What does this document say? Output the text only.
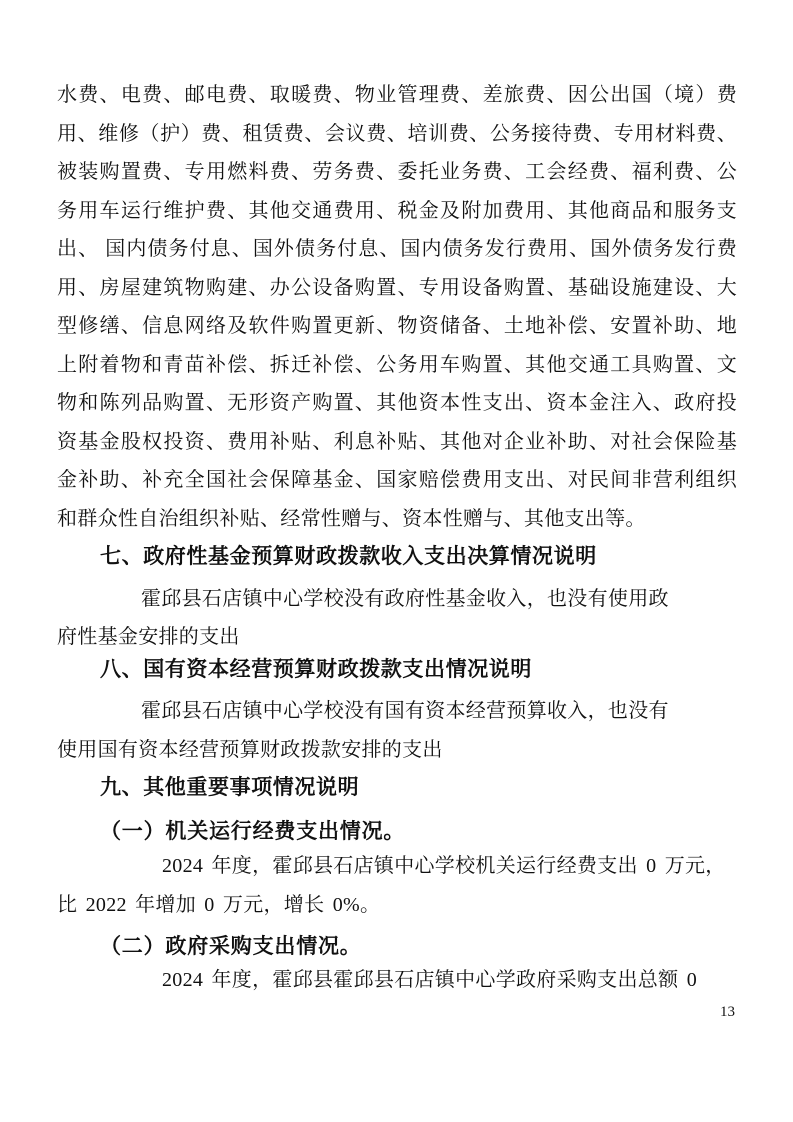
水费、电费、邮电费、取暖费、物业管理费、差旅费、因公出国（境）费
用、维修（护）费、租赁费、会议费、培训费、公务接待费、专用材料费、
被装购置费、专用燃料费、劳务费、委托业务费、工会经费、福利费、公
务用车运行维护费、其他交通费用、税金及附加费用、其他商品和服务支
出、 国内债务付息、国外债务付息、国内债务发行费用、国外债务发行费
用、房屋建筑物购建、办公设备购置、专用设备购置、基础设施建设、大
型修缮、信息网络及软件购置更新、物资储备、土地补偿、安置补助、地
上附着物和青苗补偿、拆迁补偿、公务用车购置、其他交通工具购置、文
物和陈列品购置、无形资产购置、其他资本性支出、资本金注入、政府投
资基金股权投资、费用补贴、利息补贴、其他对企业补助、对社会保险基
金补助、补充全国社会保障基金、国家赔偿费用支出、对民间非营利组织
和群众性自治组织补贴、经常性赠与、资本性赠与、其他支出等。
七、政府性基金预算财政拨款收入支出决算情况说明
霍邱县石店镇中心学校没有政府性基金收入，也没有使用政
府性基金安排的支出
八、国有资本经营预算财政拨款支出情况说明
霍邱县石店镇中心学校没有国有资本经营预算收入，也没有
使用国有资本经营预算财政拨款安排的支出
九、其他重要事项情况说明
（一）机关运行经费支出情况。
2024 年度，霍邱县石店镇中心学校机关运行经费支出 0 万元，
比 2022 年增加 0 万元，增长 0%。
（二）政府采购支出情况。
2024 年度，霍邱县霍邱县石店镇中心学政府采购支出总额 0
13
